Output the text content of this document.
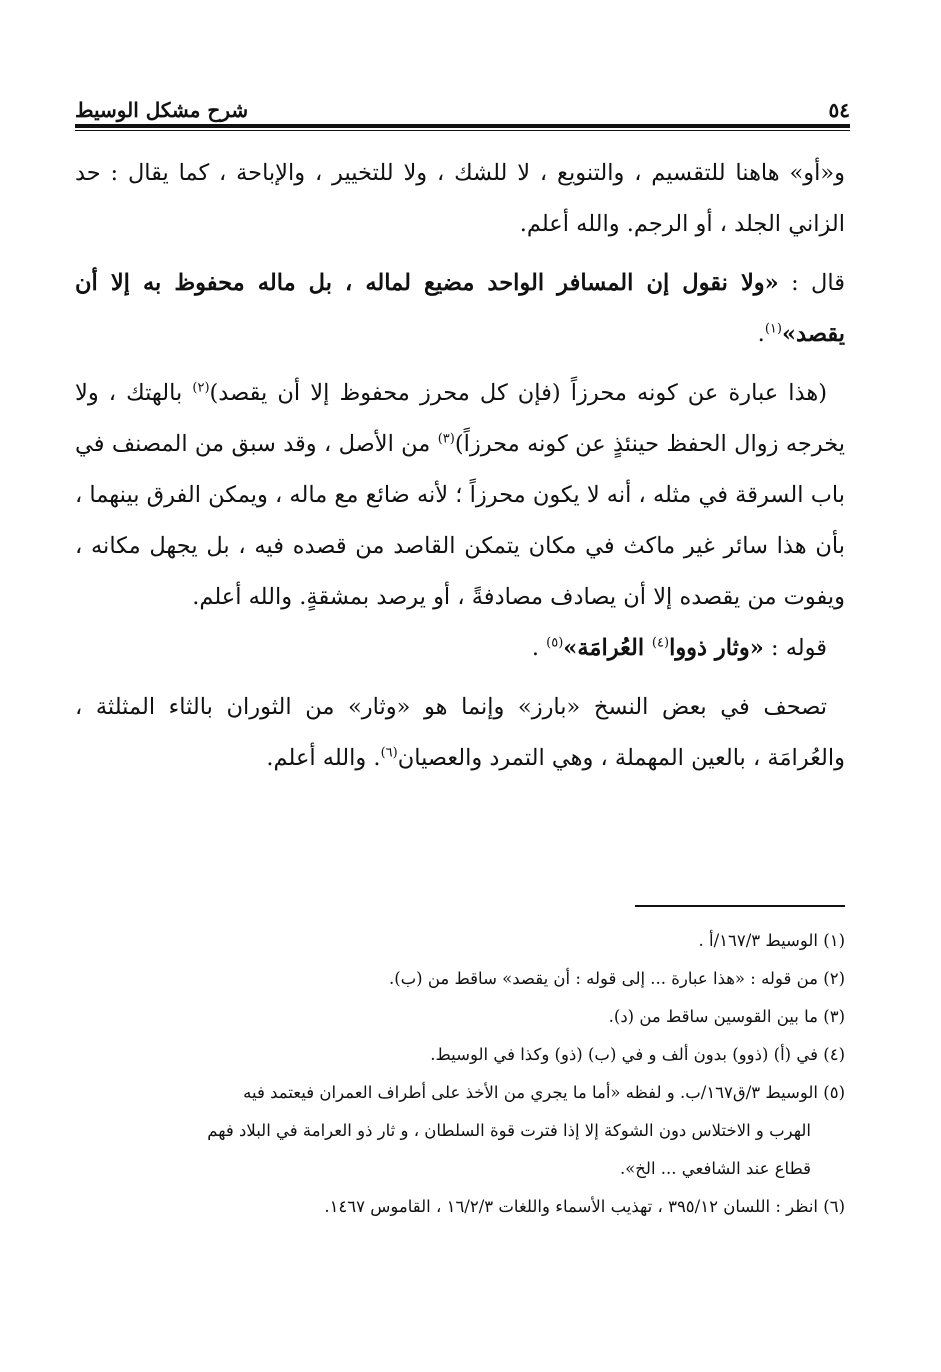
٥٤
شرح مشكل الوسيط

و«أو» هاهنا للتقسيم ، والتنويع ، لا للشك ، ولا للتخيير ، والإباحة ، كما يقال : حد الزاني الجلد ، أو الرجم. والله أعلم.

قال : «ولا نقول إن المسافر الواحد مضيع لماله ، بل ماله محفوظ به إلا أن يقصد»$^{(١)}$.

(هذا عبارة عن كونه محرزاً (فإن كل محرز محفوظ إلا أن يقصد)$^{(٢)}$ بالهتك ، ولا يخرجه زوال الحفظ حينئذٍ عن كونه محرزاً)$^{(٣)}$ من الأصل ، وقد سبق من المصنف في باب السرقة في مثله ، أنه لا يكون محرزاً ؛ لأنه ضائع مع ماله ، ويمكن الفرق بينهما ، بأن هذا سائر غير ماكث في مكان يتمكن القاصد من قصده فيه ، بل يجهل مكانه ، ويفوت من يقصده إلا أن يصادف مصادفةً ، أو يرصد بمشقةٍ. والله أعلم.

قوله : «وثار ذووا$^{(٤)}$ العُرامَة»$^{(٥)}$ .

تصحف في بعض النسخ «بارز» وإنما هو «وثار» من الثوران بالثاء المثلثة ، والعُرامَة ، بالعين المهملة ، وهي التمرد والعصيان$^{(٦)}$. والله أعلم.

(١) الوسيط ١٦٧/٣/أ .

(٢) من قوله : «هذا عبارة ... إلى قوله : أن يقصد» ساقط من (ب).

(٣) ما بين القوسين ساقط من (د).

(٤) في (أ) (ذوو) بدون ألف و في (ب) (ذو) وكذا في الوسيط.

(٥) الوسيط ٣/ق١٦٧/ب. و لفظه «أما ما يجري من الأخذ على أطراف العمران فيعتمد فيه

الهرب و الاختلاس دون الشوكة إلا إذا فترت قوة السلطان ، و ثار ذو العرامة في البلاد فهم

قطاع عند الشافعي ... الخ».

(٦) انظر : اللسان ٣٩٥/١٢ ، تهذيب الأسماء واللغات ١٦/٢/٣ ، القاموس ١٤٦٧.
